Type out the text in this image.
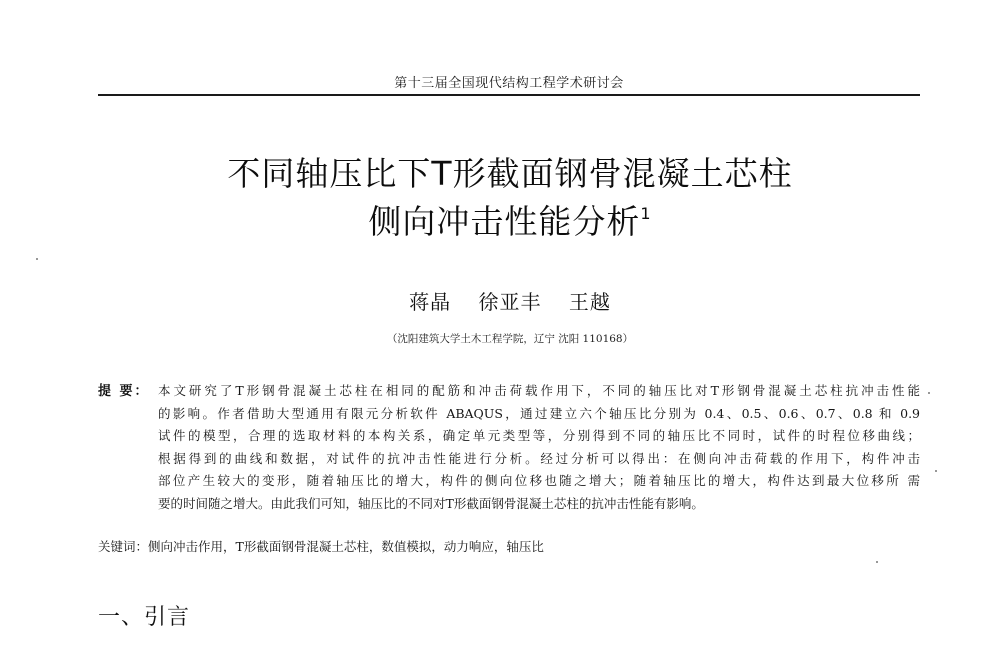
第十三届全国现代结构工程学术研讨会
不同轴压比下T形截面钢骨混凝土芯柱
侧向冲击性能分析$^1$
蒋晶 徐亚丰 王越
（沈阳建筑大学土木工程学院，辽宁 沈阳 110168）
提 要： 本文研究了T形钢骨混凝土芯柱在相同的配筋和冲击荷载作用下，不同的轴压比对T形钢骨混凝土芯柱抗冲击性能
的影响。作者借助大型通用有限元分析软件 ABAQUS，通过建立六个轴压比分别为 0.4、0.5、0.6、0.7、0.8 和 0.9
试件的模型，合理的选取材料的本构关系，确定单元类型等，分别得到不同的轴压比不同时，试件的时程位移曲线；
根据得到的曲线和数据，对试件的抗冲击性能进行分析。经过分析可以得出：在侧向冲击荷载的作用下，构件冲击
部位产生较大的变形，随着轴压比的增大，构件的侧向位移也随之增大；随着轴压比的增大，构件达到最大位移所 需
要的时间随之增大。由此我们可知，轴压比的不同对T形截面钢骨混凝土芯柱的抗冲击性能有影响。
关键词：侧向冲击作用，T形截面钢骨混凝土芯柱，数值模拟，动力响应，轴压比
一、引言
